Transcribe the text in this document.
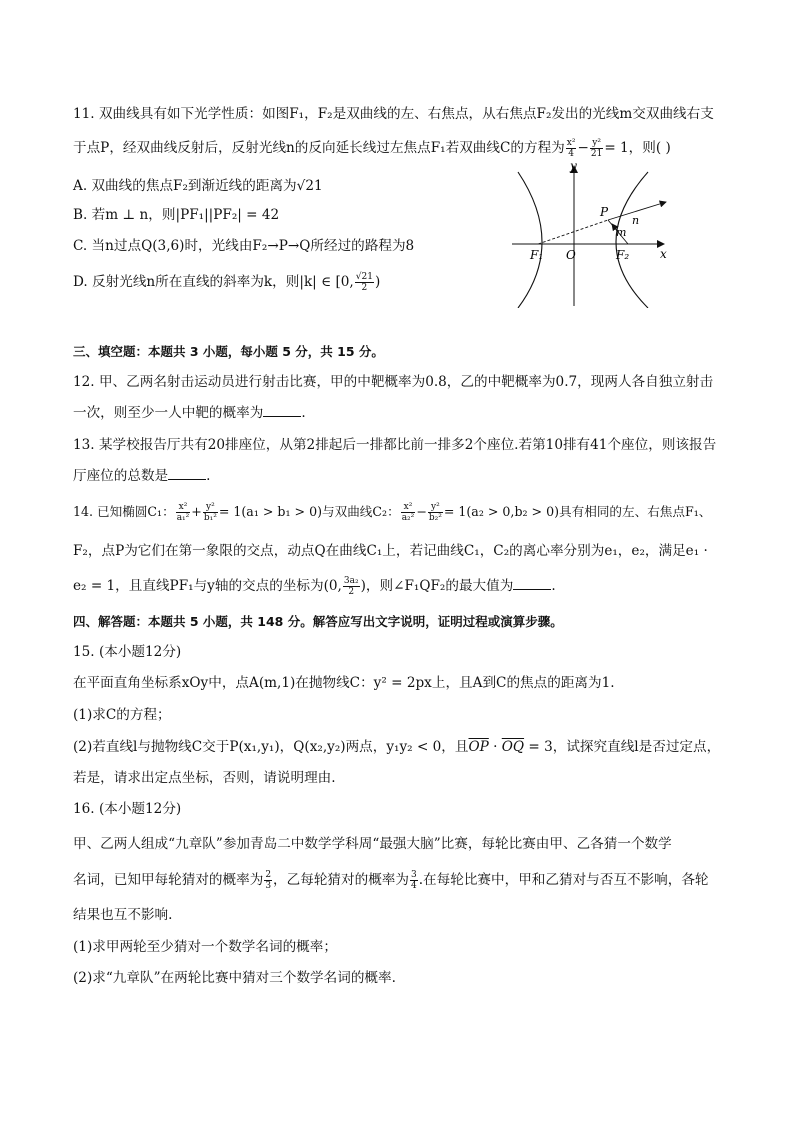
11. 双曲线具有如下光学性质：如图F₁，F₂是双曲线的左、右焦点，从右焦点F₂发出的光线m交双曲线右支
于点P，经双曲线反射后，反射光线n的反向延长线过左焦点F₁若双曲线C的方程为 $\frac{\text{x²}}{4} - \frac{\text{y²}}{21} = 1$，则( )
A. 双曲线的焦点F₂到渐近线的距离为√21
B. 若m ⊥ n，则|PF₁||PF₂| = 42
C. 当n过点Q(3,6)时，光线由F₂→P→Q所经过的路程为8
D. 反射光线n所在直线的斜率为k，则|k| ∈ [0, $\frac{√21}{2}$ )
y
x
F₁ O	F₂
P
m
n
三、填空题：本题共 3 小题，每小题 5 分，共 15 分。
12. 甲、乙两名射击运动员进行射击比赛，甲的中靶概率为0.8，乙的中靶概率为0.7，现两人各自独立射击
一次，则至少一人中靶的概率为	.
13. 某学校报告厅共有20排座位，从第2排起后一排都比前一排多2个座位.若第10排有41个座位，则该报告
厅座位的总数是	.
14. 已知椭圆C₁： $\frac{\text{x²}}{\text{a₁²}} + \frac{\text{y²}}{\text{b₁²}} = 1(a_1 > b_1 > 0)$与双曲线C₂： $\frac{\text{x²}}{\text{a₂²}} - \frac{\text{y²}}{\text{b₂²}} = 1(a_2 > 0,b_2 > 0)$具有相同的左、右焦点F₁、
F₂，点P为它们在第一象限的交点，动点Q在曲线C₁上，若记曲线C₁，C₂的离心率分别为e₁，e₂，满足e₁ ·
e₂ = 1，且直线PF₁与y轴的交点的坐标为(0, $\frac{\text{3a₂}}{2}$ )，则∠F₁QF₂的最大值为	.
四、解答题：本题共 5 小题，共 148 分。解答应写出文字说明，证明过程或演算步骤。
15. (本小题12分)
在平面直角坐标系xOy中，点A(m,1)在抛物线C：y² = 2px上，且A到C的焦点的距离为1.
(1)求C的方程；
(2)若直线l与抛物线C交于P(x₁,y₁)，Q(x₂,y₂)两点，y₁y₂ < 0，且$\overline{OP} \cdot \overline{OQ} = 3$，试探究直线l是否过定点，
若是，请求出定点坐标，否则，请说明理由.
16. (本小题12分)
甲、乙两人组成“九章队”参加青岛二中数学学科周“最强大脑”比赛，每轮比赛由甲、乙各猜一个数学
名词，已知甲每轮猜对的概率为 $\frac{2}{3}$ ，乙每轮猜对的概率为 $\frac{3}{4}$ .在每轮比赛中，甲和乙猜对与否互不影响，各轮
结果也互不影响.
(1)求甲两轮至少猜对一个数学名词的概率；
(2)求“九章队”在两轮比赛中猜对三个数学名词的概率.
